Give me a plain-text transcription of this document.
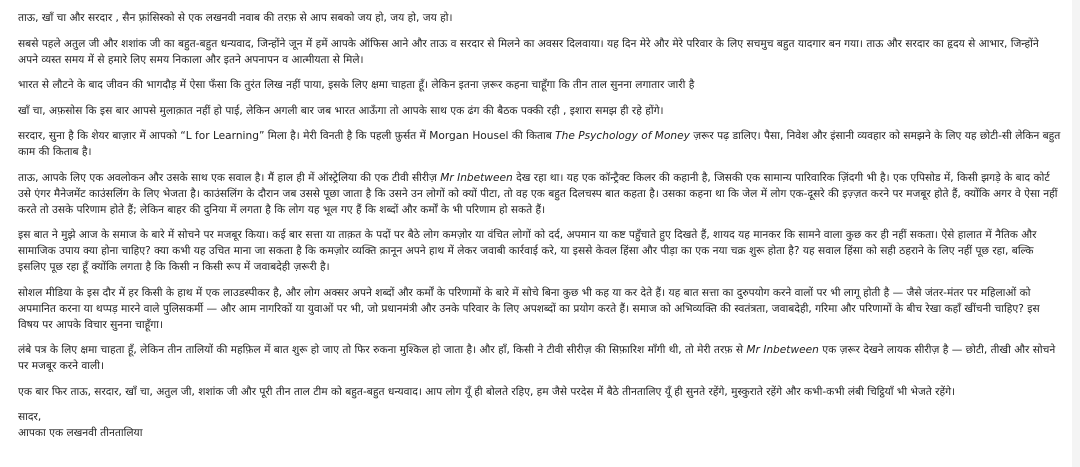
ताऊ, खाँ चा और सरदार , सैन फ़्रांसिस्को से एक लखनवी नवाब की तरफ़ से आप सबको जय हो, जय हो, जय हो।

सबसे पहले अतुल जी और शशांक जी का बहुत-बहुत धन्यवाद, जिन्होंने जून में हमें आपके ऑफिस आने और ताऊ व सरदार से मिलने का अवसर दिलवाया। यह दिन मेरे और मेरे परिवार के लिए सचमुच बहुत यादगार बन गया। ताऊ और सरदार का हृदय से आभार, जिन्होंने अपने व्यस्त समय में से हमारे लिए समय निकाला और इतने अपनापन व आत्मीयता से मिले।

भारत से लौटने के बाद जीवन की भागदौड़ में ऐसा फँसा कि तुरंत लिख नहीं पाया, इसके लिए क्षमा चाहता हूँ। लेकिन इतना ज़रूर कहना चाहूँगा कि तीन ताल सुनना लगातार जारी है

खाँ चा, अफ़सोस कि इस बार आपसे मुलाक़ात नहीं हो पाई, लेकिन अगली बार जब भारत आऊँगा तो आपके साथ एक ढंग की बैठक पक्की रही , इशारा समझ ही रहे होंगे।

सरदार, सुना है कि शेयर बाज़ार में आपको “L for Learning” मिला है। मेरी विनती है कि पहली फ़ुर्सत में Morgan Housel की किताब The Psychology of Money ज़रूर पढ़ डालिए। पैसा, निवेश और इंसानी व्यवहार को समझने के लिए यह छोटी-सी लेकिन बहुत काम की किताब है।

ताऊ, आपके लिए एक अवलोकन और उसके साथ एक सवाल है। मैं हाल ही में ऑस्ट्रेलिया की एक टीवी सीरीज़ Mr Inbetween देख रहा था। यह एक कॉन्ट्रैक्ट किलर की कहानी है, जिसकी एक सामान्य पारिवारिक ज़िंदगी भी है। एक एपिसोड में, किसी झगड़े के बाद कोर्ट उसे एंगर मैनेजमेंट काउंसलिंग के लिए भेजता है। काउंसलिंग के दौरान जब उससे पूछा जाता है कि उसने उन लोगों को क्यों पीटा, तो वह एक बहुत दिलचस्प बात कहता है। उसका कहना था कि जेल में लोग एक-दूसरे की इज़्ज़त करने पर मजबूर होते हैं, क्योंकि अगर वे ऐसा नहीं करते तो उसके परिणाम होते हैं; लेकिन बाहर की दुनिया में लगता है कि लोग यह भूल गए हैं कि शब्दों और कर्मों के भी परिणाम हो सकते हैं।

इस बात ने मुझे आज के समाज के बारे में सोचने पर मजबूर किया। कई बार सत्ता या ताक़त के पदों पर बैठे लोग कमज़ोर या वंचित लोगों को दर्द, अपमान या कष्ट पहुँचाते हुए दिखते हैं, शायद यह मानकर कि सामने वाला कुछ कर ही नहीं सकता। ऐसे हालात में नैतिक और सामाजिक उपाय क्या होना चाहिए? क्या कभी यह उचित माना जा सकता है कि कमज़ोर व्यक्ति क़ानून अपने हाथ में लेकर जवाबी कार्रवाई करे, या इससे केवल हिंसा और पीड़ा का एक नया चक्र शुरू होता है? यह सवाल हिंसा को सही ठहराने के लिए नहीं पूछ रहा, बल्कि इसलिए पूछ रहा हूँ क्योंकि लगता है कि किसी न किसी रूप में जवाबदेही ज़रूरी है।

सोशल मीडिया के इस दौर में हर किसी के हाथ में एक लाउडस्पीकर है, और लोग अक्सर अपने शब्दों और कर्मों के परिणामों के बारे में सोचे बिना कुछ भी कह या कर देते हैं। यह बात सत्ता का दुरुपयोग करने वालों पर भी लागू होती है — जैसे जंतर-मंतर पर महिलाओं को अपमानित करना या थप्पड़ मारने वाले पुलिसकर्मी — और आम नागरिकों या युवाओं पर भी, जो प्रधानमंत्री और उनके परिवार के लिए अपशब्दों का प्रयोग करते हैं। समाज को अभिव्यक्ति की स्वतंत्रता, जवाबदेही, गरिमा और परिणामों के बीच रेखा कहाँ खींचनी चाहिए? इस विषय पर आपके विचार सुनना चाहूँगा।

लंबे पत्र के लिए क्षमा चाहता हूँ, लेकिन तीन तालियों की महफ़िल में बात शुरू हो जाए तो फिर रुकना मुश्किल हो जाता है। और हाँ, किसी ने टीवी सीरीज़ की सिफ़ारिश माँगी थी, तो मेरी तरफ़ से Mr Inbetween एक ज़रूर देखने लायक सीरीज़ है — छोटी, तीखी और सोचने पर मजबूर करने वाली।

एक बार फिर ताऊ, सरदार, खाँ चा, अतुल जी, शशांक जी और पूरी तीन ताल टीम को बहुत-बहुत धन्यवाद। आप लोग यूँ ही बोलते रहिए, हम जैसे परदेस में बैठे तीनतालिए यूँ ही सुनते रहेंगे, मुस्कुराते रहेंगे और कभी-कभी लंबी चिट्ठियाँ भी भेजते रहेंगे।

सादर,
आपका एक लखनवी तीनतालिया
